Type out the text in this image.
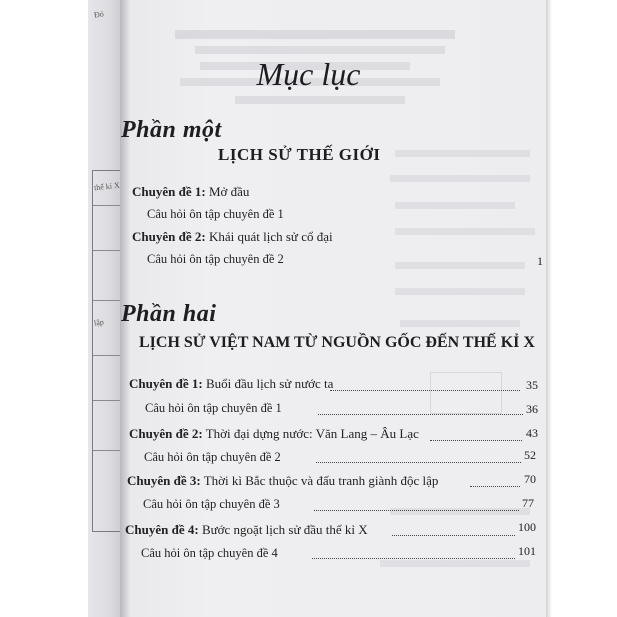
Đó
thế kỉ X
lập
Mục lục
Phần một
LỊCH SỬ THẾ GIỚI
Chuyên đề 1: Mở đầu
Câu hỏi ôn tập chuyên đề 1
Chuyên đề 2: Khái quát lịch sử cổ đại
Câu hỏi ôn tập chuyên đề 2	1
Phần hai
LỊCH SỬ VIỆT NAM TỪ NGUỒN GỐC ĐẾN THẾ KỈ X
Chuyên đề 1: Buổi đầu lịch sử nước ta	35
Câu hỏi ôn tập chuyên đề 1	36
Chuyên đề 2: Thời đại dựng nước: Văn Lang – Âu Lạc	43
Câu hỏi ôn tập chuyên đề 2	52
Chuyên đề 3: Thời kì Bắc thuộc và đấu tranh giành độc lập	70
Câu hỏi ôn tập chuyên đề 3	77
Chuyên đề 4: Bước ngoặt lịch sử đầu thế kỉ X	100
Câu hỏi ôn tập chuyên đề 4	101
